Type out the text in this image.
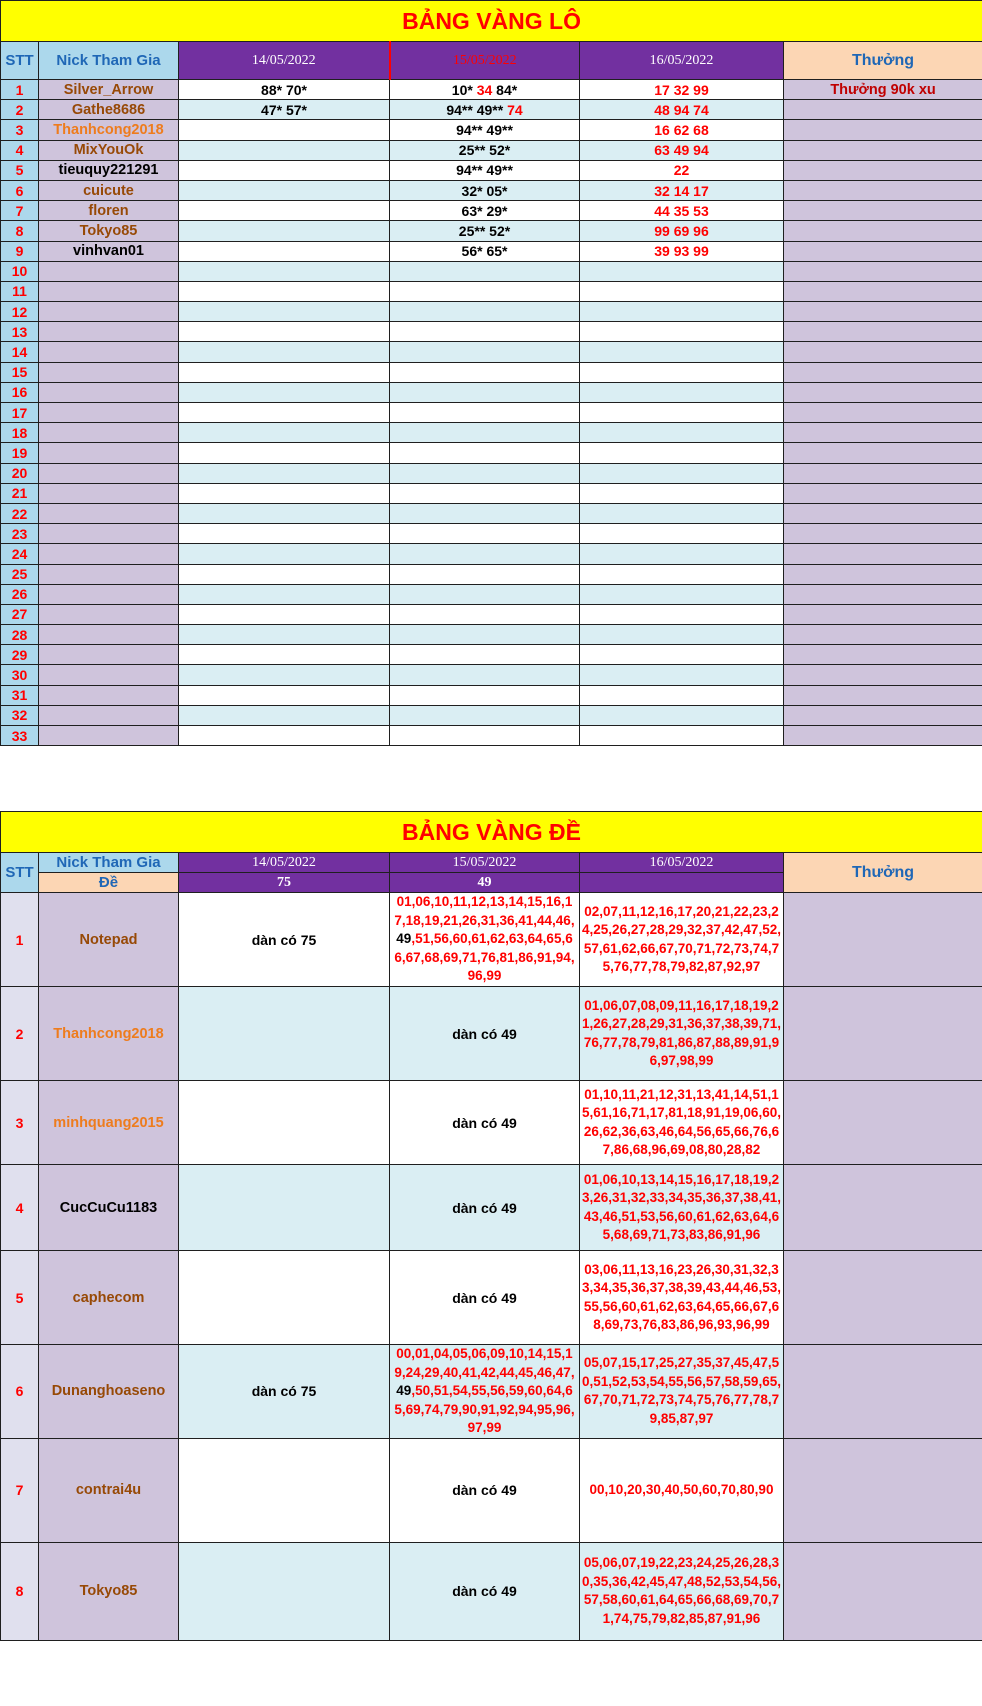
BẢNG VÀNG LÔ					
STT	Nick Tham Gia	14/05/2022	15/05/2022	16/05/2022	Thưởng
1	Silver_Arrow	88* 70*	10* 34 84*	17 32 99	Thưởng 90k xu
2	Gathe8686	47* 57*	94** 49** 74	48 94 74	
3	Thanhcong2018		94** 49**	16 62 68	
4	MixYouOk		25** 52*	63 49 94	
5	tieuquy221291		94** 49**	22	
6	cuicute		32* 05*	32 14 17	
7	floren		63* 29*	44 35 53	
8	Tokyo85		25** 52*	99 69 96	
9	vinhvan01		56* 65*	39 93 99	
10					
11					
12					
13					
14					
15					
16					
17					
18					
19					
20					
21					
22					
23					
24					
25					
26					
27					
28					
29					
30					
31					
32					
33					
BẢNG VÀNG ĐỀ					
STT	Nick Tham Gia	14/05/2022	15/05/2022	16/05/2022	Thưởng
	Đề	75	49		
1	Notepad	dàn có 75	01,06,10,11,12,13,14,15,16,17,18,19,21,26,31,36,41,44,46,49,51,56,60,61,62,63,64,65,66,67,68,69,71,76,81,86,91,94,96,99	02,07,11,12,16,17,20,21,22,23,24,25,26,27,28,29,32,37,42,47,52,57,61,62,66,67,70,71,72,73,74,75,76,77,78,79,82,87,92,97	
2	Thanhcong2018		dàn có 49	01,06,07,08,09,11,16,17,18,19,21,26,27,28,29,31,36,37,38,39,71,76,77,78,79,81,86,87,88,89,91,96,97,98,99	
3	minhquang2015		dàn có 49	01,10,11,21,12,31,13,41,14,51,15,61,16,71,17,81,18,91,19,06,60,26,62,36,63,46,64,56,65,66,76,67,86,68,96,69,08,80,28,82	
4	CucCuCu1183		dàn có 49	01,06,10,13,14,15,16,17,18,19,23,26,31,32,33,34,35,36,37,38,41,43,46,51,53,56,60,61,62,63,64,65,68,69,71,73,83,86,91,96	
5	caphecom		dàn có 49	03,06,11,13,16,23,26,30,31,32,33,34,35,36,37,38,39,43,44,46,53,55,56,60,61,62,63,64,65,66,67,68,69,73,76,83,86,96,93,96,99	
6	Dunanghoaseno	dàn có 75	00,01,04,05,06,09,10,14,15,19,24,29,40,41,42,44,45,46,47,49,50,51,54,55,56,59,60,64,65,69,74,79,90,91,92,94,95,96,97,99	05,07,15,17,25,27,35,37,45,47,50,51,52,53,54,55,56,57,58,59,65,67,70,71,72,73,74,75,76,77,78,79,85,87,97	
7	contrai4u		dàn có 49	00,10,20,30,40,50,60,70,80,90	
8	Tokyo85		dàn có 49	05,06,07,19,22,23,24,25,26,28,30,35,36,42,45,47,48,52,53,54,56,57,58,60,61,64,65,66,68,69,70,71,74,75,79,82,85,87,91,96	
